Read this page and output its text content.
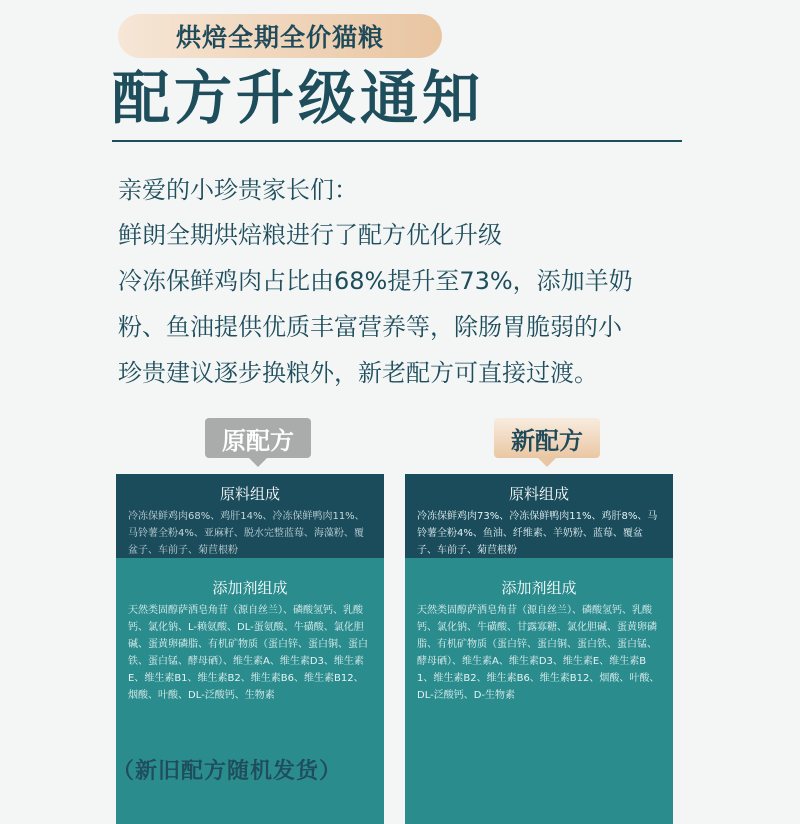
烘焙全期全价猫粮
配方升级通知
亲爱的小珍贵家长们：
鲜朗全期烘焙粮进行了配方优化升级
冷冻保鲜鸡肉占比由68%提升至73%，添加羊奶
粉、鱼油提供优质丰富营养等，除肠胃脆弱的小
珍贵建议逐步换粮外，新老配方可直接过渡。
原配方	新配方
原料组成
冷冻保鲜鸡肉68%、鸡肝14%、冷冻保鲜鸭肉11%、马铃薯全粉4%、亚麻籽、脱水完整蓝莓、海藻粉、覆盆子、车前子、菊苣根粉
添加剂组成
天然类固醇萨洒皂角苷（源自丝兰）、磷酸氢钙、乳酸钙、氯化钠、L-赖氨酸、DL-蛋氨酸、牛磺酸、氯化胆碱、蛋黄卵磷脂、有机矿物质（蛋白锌、蛋白铜、蛋白铁、蛋白锰、酵母硒）、维生素A、维生素D3、维生素E、维生素B1、维生素B2、维生素B6、维生素B12、烟酸、叶酸、DL-泛酸钙、生物素
原料组成
冷冻保鲜鸡肉73%、冷冻保鲜鸭肉11%、鸡肝8%、马铃薯全粉4%、鱼油、纤维素、羊奶粉、蓝莓、覆盆子、车前子、菊苣根粉
添加剂组成
天然类固醇萨洒皂角苷（源自丝兰）、磷酸氢钙、乳酸钙、氯化钠、牛磺酸、甘露寡糖、氯化胆碱、蛋黄卵磷脂、有机矿物质（蛋白锌、蛋白铜、蛋白铁、蛋白锰、酵母硒）、维生素A、维生素D3、维生素E、维生素B1、维生素B2、维生素B6、维生素B12、烟酸、叶酸、DL-泛酸钙、D-生物素
（新旧配方随机发货）
